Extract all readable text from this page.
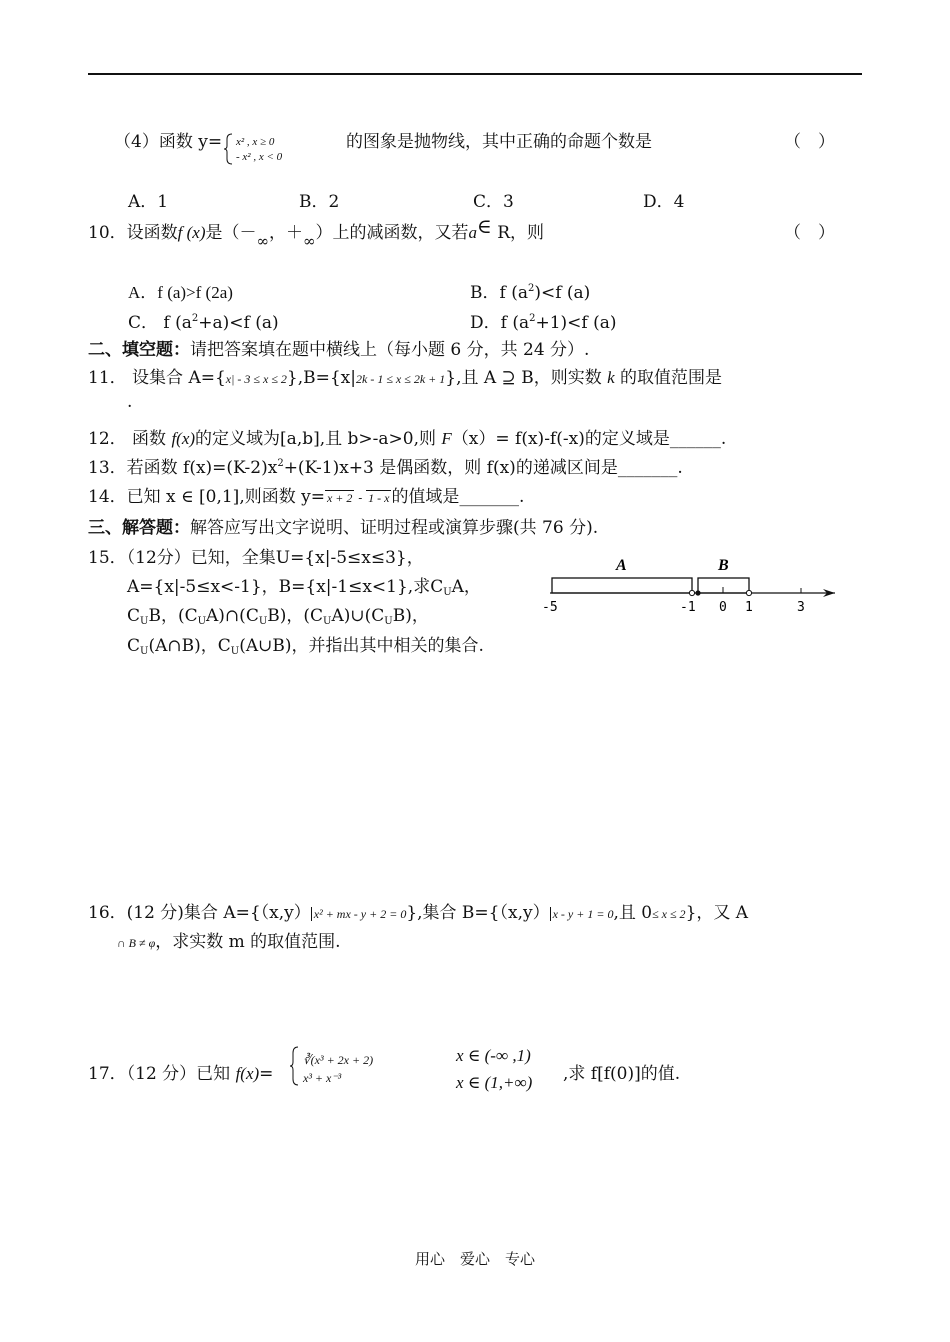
（4）函数 y= x² , x ≥ 0
- x² , x < 0
的图象是抛物线，其中正确的命题个数是	（　）
A．1	B．2	C．3	D．4
10．设函数f (x)是（－∞，＋∞）上的减函数，又若a∈ R，则	（　）
A．f (a)>f (2a)	B．f $(a^2)<f$ (a)
C． f $(a^2+a)<f$ (a)	D．f $(a^2+1)<f$ (a)
二、填空题：请把答案填在题中横线上（每小题 6 分，共 24 分）.
11． 设集合 A={x| - 3 ≤ x ≤ 2},B={x|2k - 1 ≤ x ≤ 2k + 1},且 A ⊇ B，则实数 k 的取值范围是
.
12． 函数 f(x)的定义域为[a,b],且 b>-a>0,则 F（x）= f(x)-f(-x)的定义域是______.
13．若函数 $f(x)=(K-2)x^2+(K-1)x+3$ 是偶函数，则 f(x)的递减区间是_______.
14．已知 x ∈ [0,1],则函数 y= x + 2 - 1 - x 的值域是_______.
三、解答题：解答应写出文字说明、证明过程或演算步骤(共 76 分).
15．（12分）已知，全集U={x|-5≤x≤3}，
A={x|-5≤x<-1}，B={x|-1≤x<1},求$C_UA$，
$C_UB$，$(C_UA)\cap(C_UB)$，$(C_UA)\cup(C_UB)$，
$C_U(A\cap B)$，$C_U(A\cup B)$，并指出其中相关的集合.
A	B
-5	-1 0 1	3
16．(12 分)集合 A={（x,y） x² + mx - y + 2 = 0},集合 B={（x,y） x - y + 1 = 0,且 0≤ x ≤ 2}，又 A
∩ B ≠ φ，求实数 m 的取值范围.
17．（12 分）已知 f(x)=
∛(x³ + 2x + 2)
x³ + x⁻³
x ∈ (-∞ ,1)
x ∈ (1,+∞) ,求 f[f(0)]的值.
用心　爱心　专心
